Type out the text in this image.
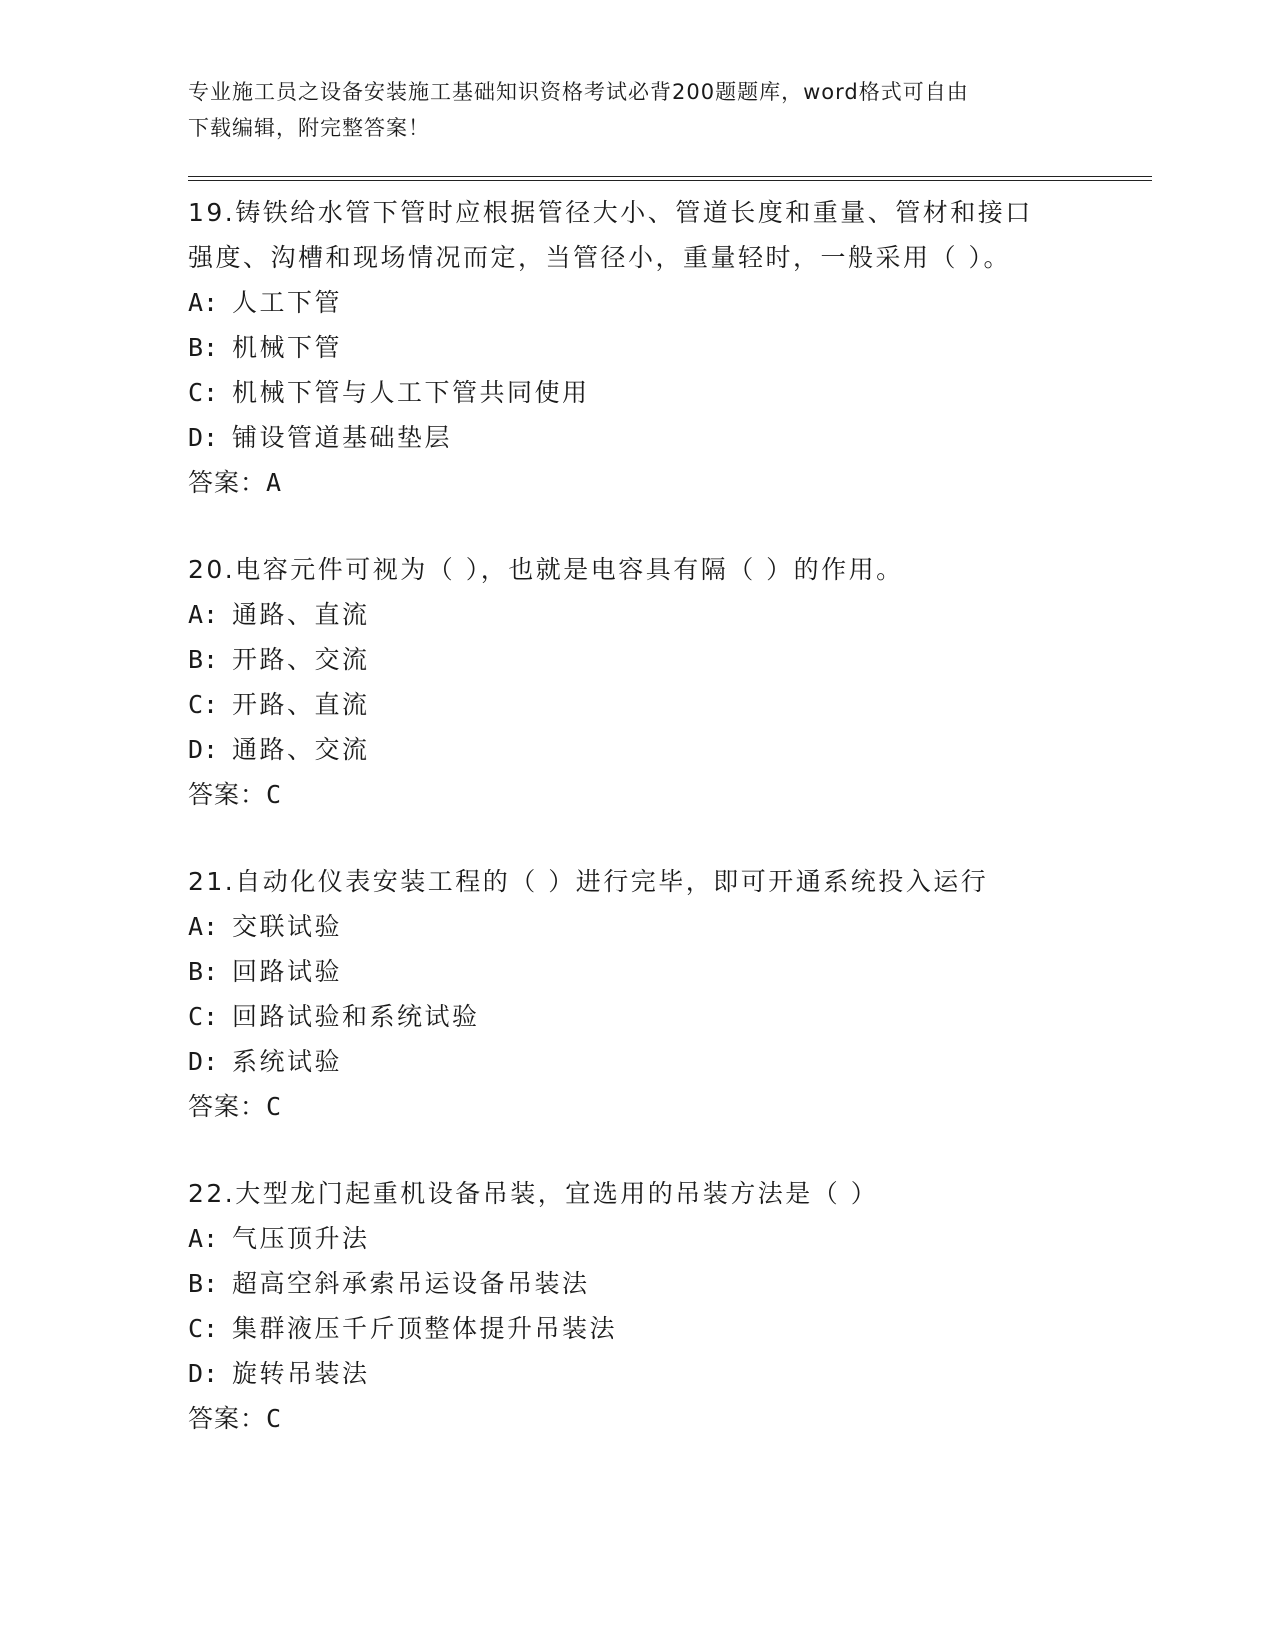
专业施工员之设备安装施工基础知识资格考试必背200题题库，word格式可自由
下载编辑，附完整答案！

19.铸铁给水管下管时应根据管径大小、管道长度和重量、管材和接口

强度、沟槽和现场情况而定，当管径小，重量轻时，一般采用（ ）。

A: 人工下管

B: 机械下管

C: 机械下管与人工下管共同使用

D: 铺设管道基础垫层

答案：A

20.电容元件可视为（ ），也就是电容具有隔（ ）的作用。

A: 通路、直流

B: 开路、交流

C: 开路、直流

D: 通路、交流

答案：C

21.自动化仪表安装工程的（ ）进行完毕，即可开通系统投入运行

A: 交联试验

B: 回路试验

C: 回路试验和系统试验

D: 系统试验

答案：C

22.大型龙门起重机设备吊装，宜选用的吊装方法是（ ）

A: 气压顶升法

B: 超高空斜承索吊运设备吊装法

C: 集群液压千斤顶整体提升吊装法

D: 旋转吊装法

答案：C
